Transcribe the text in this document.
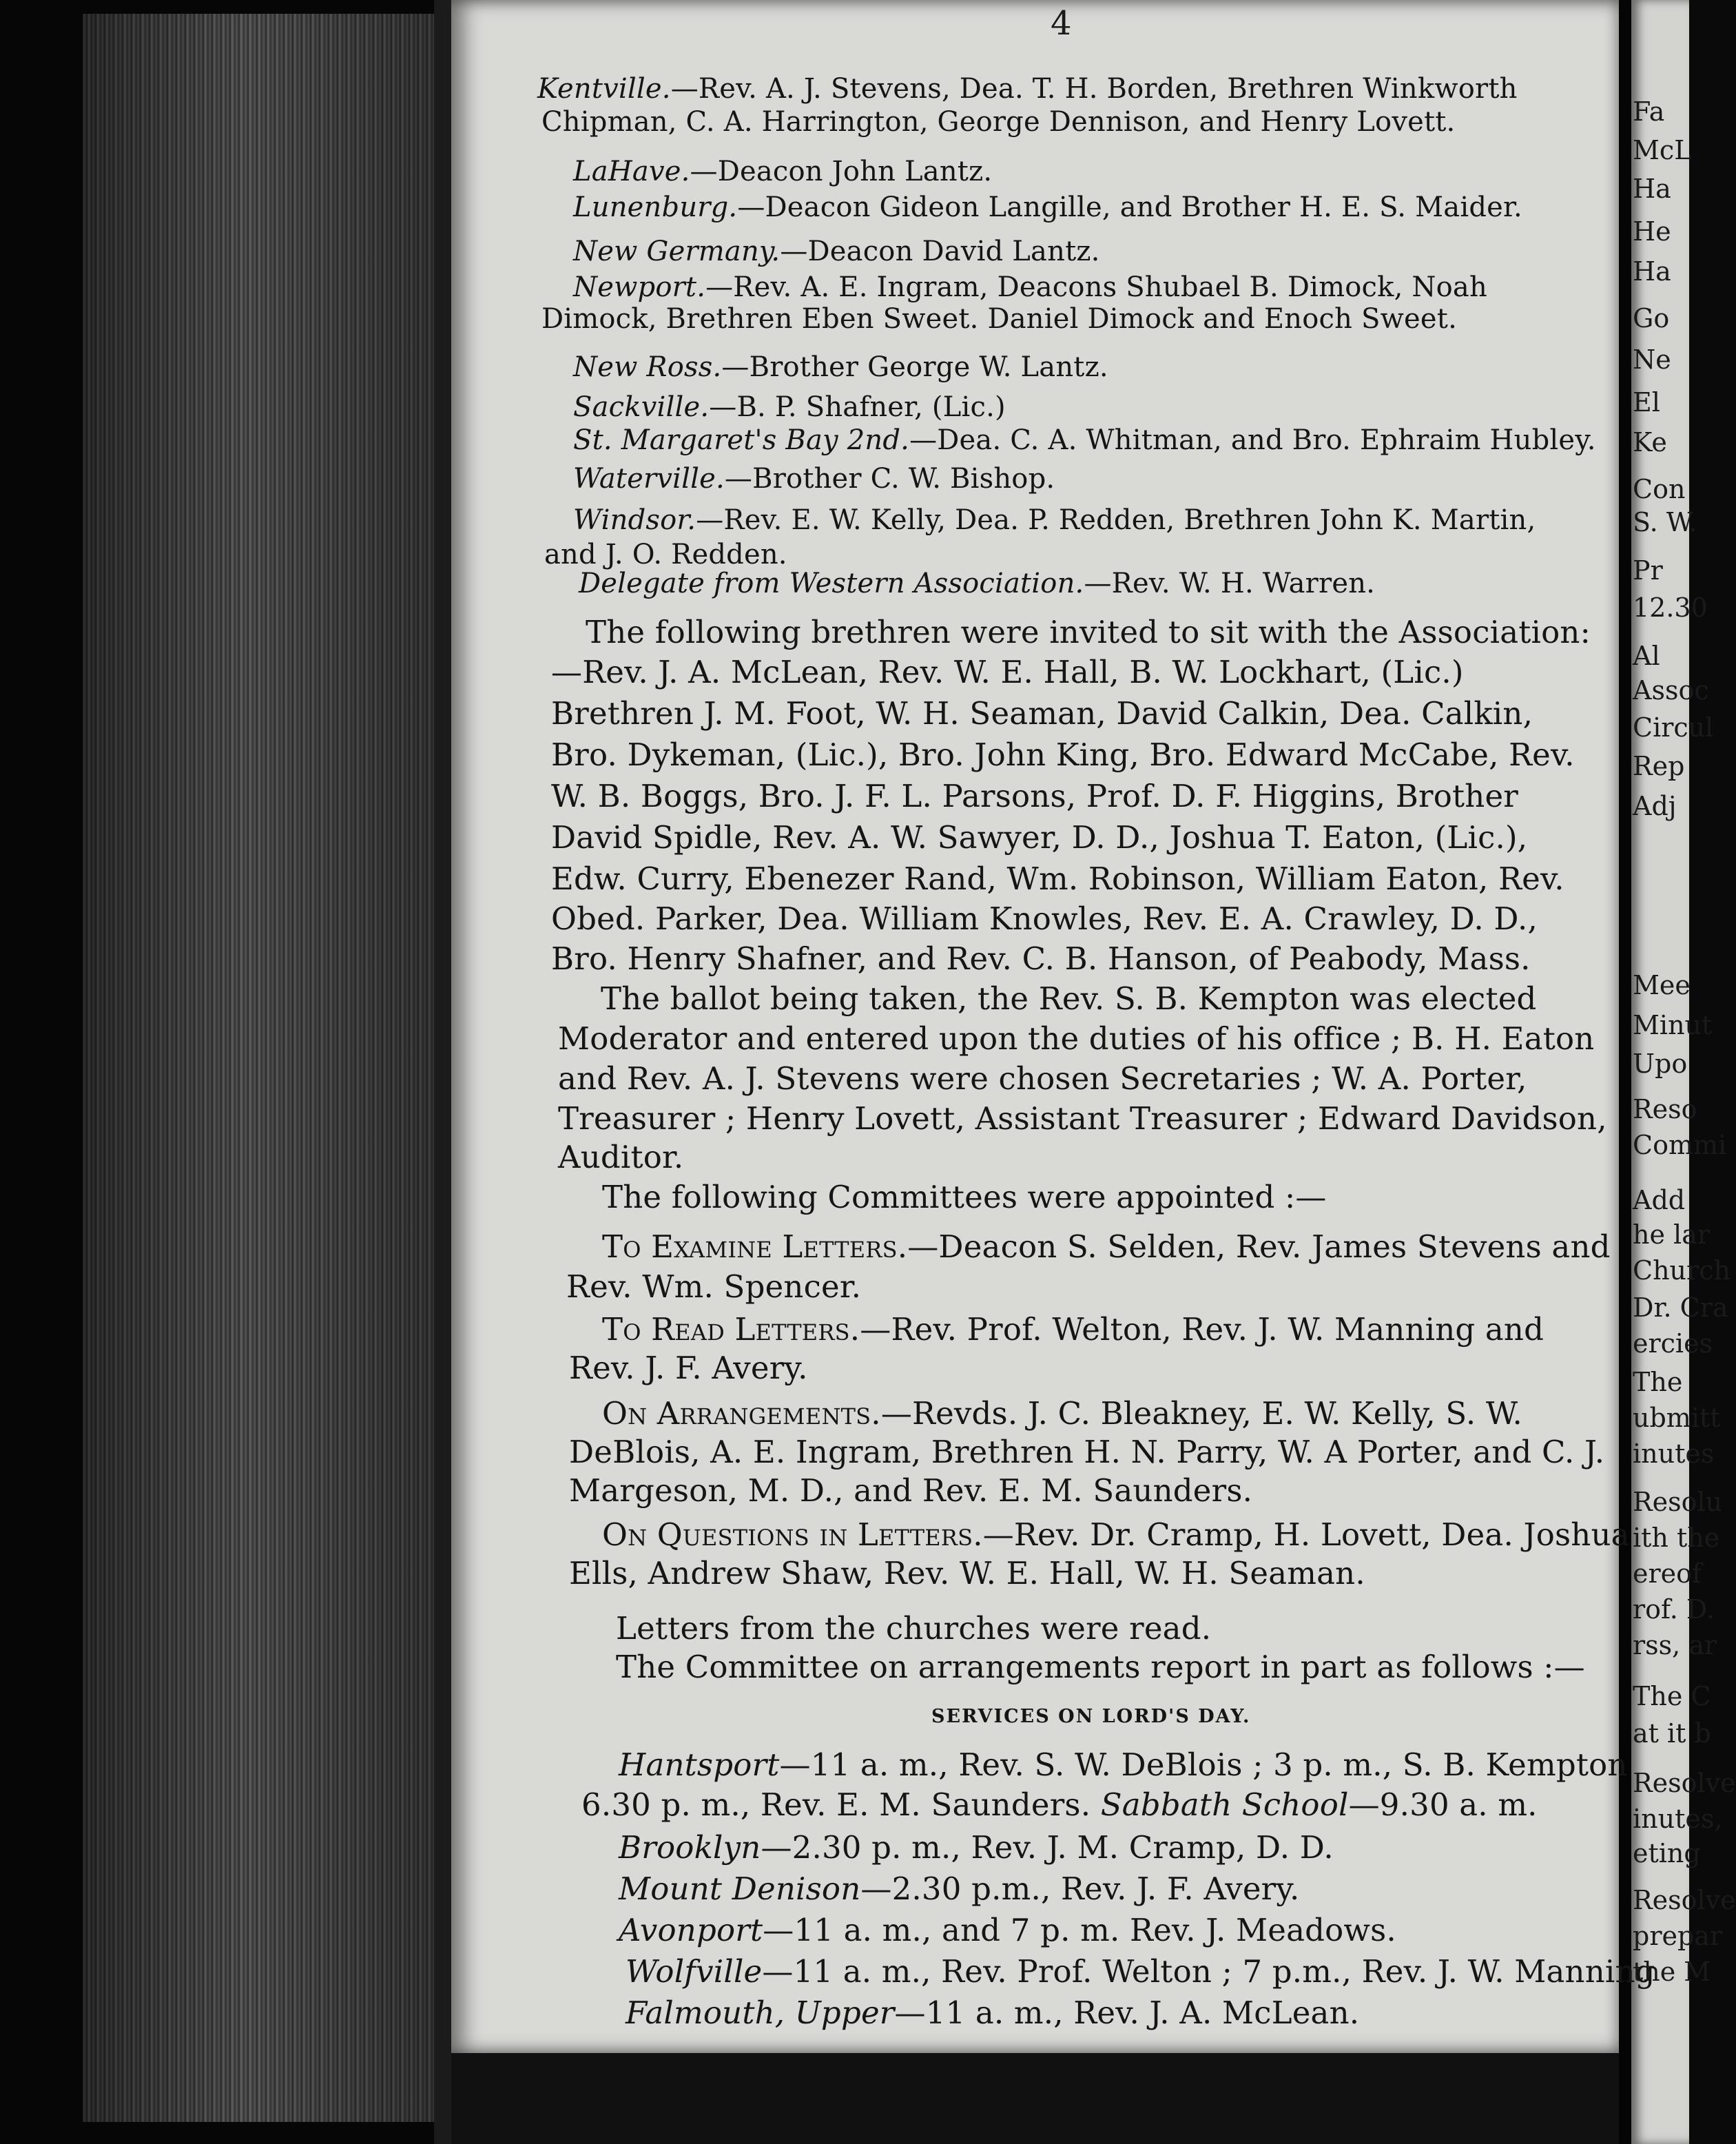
Fa
McL
Ha
He
Ha
Go
Ne
El
Ke
Con
S. W.
Pr
12.30
Al
Assoc
Circul
Rep
Adj
Mee
Minut
Upo
Reso
Commi
Add
he lar
Church
Dr. Cra
ercies
The
ubmitt
inutes
Resolu
ith the
ereof
rof. D.
rss, ar
The C
at it b
Resolve
inutes,
eting
Resolve
prepar
the M
4
Kentville.—Rev. A. J. Stevens, Dea. T. H. Borden, Brethren Winkworth
Chipman, C. A. Harrington, George Dennison, and Henry Lovett.
LaHave.—Deacon John Lantz.
Lunenburg.—Deacon Gideon Langille, and Brother H. E. S. Maider.
New Germany.—Deacon David Lantz.
Newport.—Rev. A. E. Ingram, Deacons Shubael B. Dimock, Noah
Dimock, Brethren Eben Sweet. Daniel Dimock and Enoch Sweet.
New Ross.—Brother George W. Lantz.
Sackville.—B. P. Shafner, (Lic.)
St. Margaret's Bay 2nd.—Dea. C. A. Whitman, and Bro. Ephraim Hubley.
Waterville.—Brother C. W. Bishop.
Windsor.—Rev. E. W. Kelly, Dea. P. Redden, Brethren John K. Martin,
and J. O. Redden.
Delegate from Western Association.—Rev. W. H. Warren.
The following brethren were invited to sit with the Association:
—Rev. J. A. McLean, Rev. W. E. Hall, B. W. Lockhart, (Lic.)
Brethren J. M. Foot, W. H. Seaman, David Calkin, Dea. Calkin,
Bro. Dykeman, (Lic.), Bro. John King, Bro. Edward McCabe, Rev.
W. B. Boggs, Bro. J. F. L. Parsons, Prof. D. F. Higgins, Brother
David Spidle, Rev. A. W. Sawyer, D. D., Joshua T. Eaton, (Lic.),
Edw. Curry, Ebenezer Rand, Wm. Robinson, William Eaton, Rev.
Obed. Parker, Dea. William Knowles, Rev. E. A. Crawley, D. D.,
Bro. Henry Shafner, and Rev. C. B. Hanson, of Peabody, Mass.
The ballot being taken, the Rev. S. B. Kempton was elected
Moderator and entered upon the duties of his office ; B. H. Eaton
and Rev. A. J. Stevens were chosen Secretaries ; W. A. Porter,
Treasurer ; Henry Lovett, Assistant Treasurer ; Edward Davidson,
Auditor.
The following Committees were appointed :—
To Examine Letters.—Deacon S. Selden, Rev. James Stevens and
Rev. Wm. Spencer.
To Read Letters.—Rev. Prof. Welton, Rev. J. W. Manning and
Rev. J. F. Avery.
On Arrangements.—Revds. J. C. Bleakney, E. W. Kelly, S. W.
DeBlois, A. E. Ingram, Brethren H. N. Parry, W. A Porter, and C. J.
Margeson, M. D., and Rev. E. M. Saunders.
On Questions in Letters.—Rev. Dr. Cramp, H. Lovett, Dea. Joshua
Ells, Andrew Shaw, Rev. W. E. Hall, W. H. Seaman.
Letters from the churches were read.
The Committee on arrangements report in part as follows :—
SERVICES ON LORD'S DAY.
Hantsport—11 a. m., Rev. S. W. DeBlois ; 3 p. m., S. B. Kempton
6.30 p. m., Rev. E. M. Saunders. Sabbath School—9.30 a. m.
Brooklyn—2.30 p. m., Rev. J. M. Cramp, D. D.
Mount Denison—2.30 p.m., Rev. J. F. Avery.
Avonport—11 a. m., and 7 p. m. Rev. J. Meadows.
Wolfville—11 a. m., Rev. Prof. Welton ; 7 p.m., Rev. J. W. Manning
Falmouth, Upper—11 a. m., Rev. J. A. McLean.
